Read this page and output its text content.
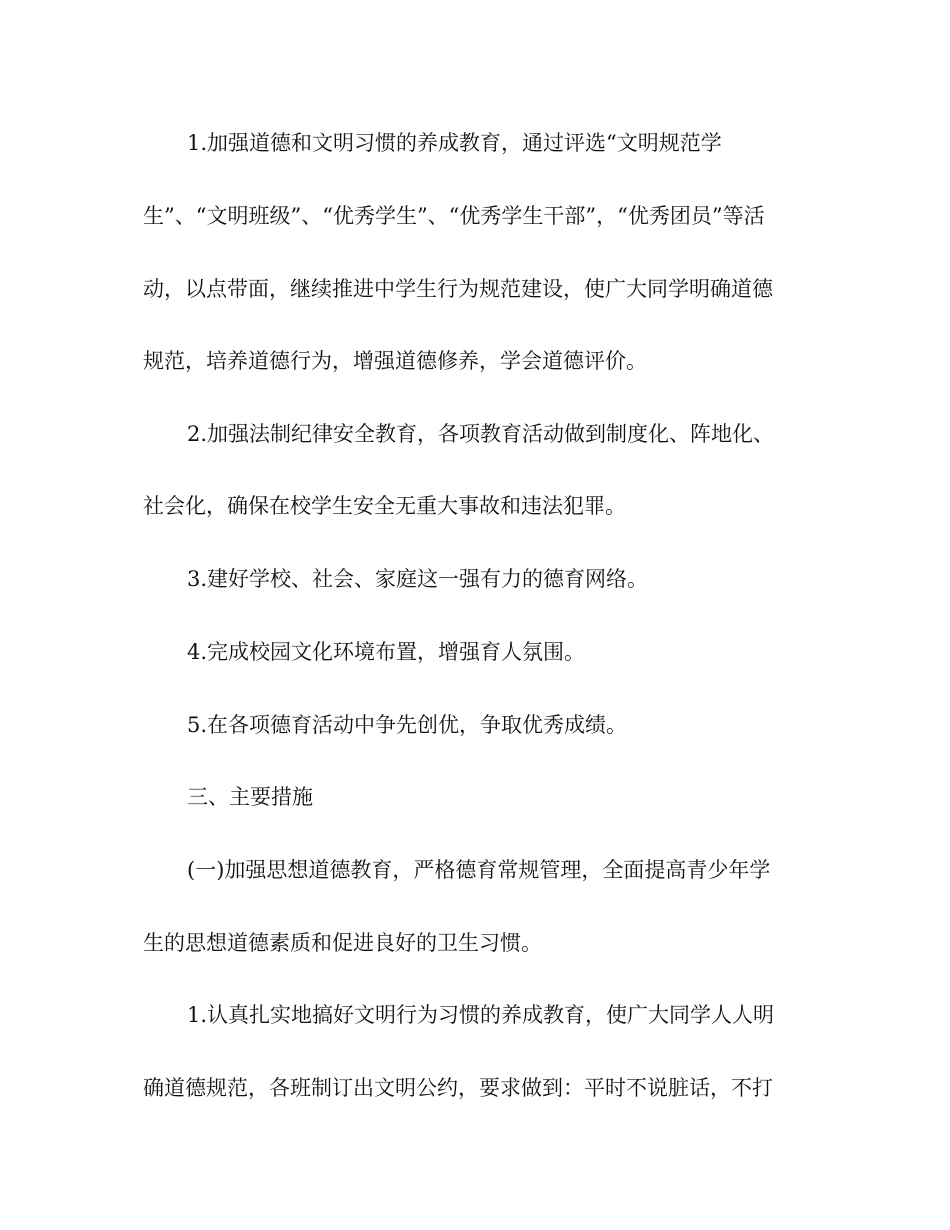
1.加强道德和文明习惯的养成教育，通过评选“文明规范学
生”、“文明班级”、“优秀学生”、“优秀学生干部”，“优秀团员”等活
动，以点带面，继续推进中学生行为规范建设，使广大同学明确道德
规范，培养道德行为，增强道德修养，学会道德评价。
2.加强法制纪律安全教育，各项教育活动做到制度化、阵地化、
社会化，确保在校学生安全无重大事故和违法犯罪。
3.建好学校、社会、家庭这一强有力的德育网络。
4.完成校园文化环境布置，增强育人氛围。
5.在各项德育活动中争先创优，争取优秀成绩。
三、主要措施
(一)加强思想道德教育，严格德育常规管理，全面提高青少年学
生的思想道德素质和促进良好的卫生习惯。
1.认真扎实地搞好文明行为习惯的养成教育，使广大同学人人明
确道德规范，各班制订出文明公约，要求做到：平时不说脏话，不打
